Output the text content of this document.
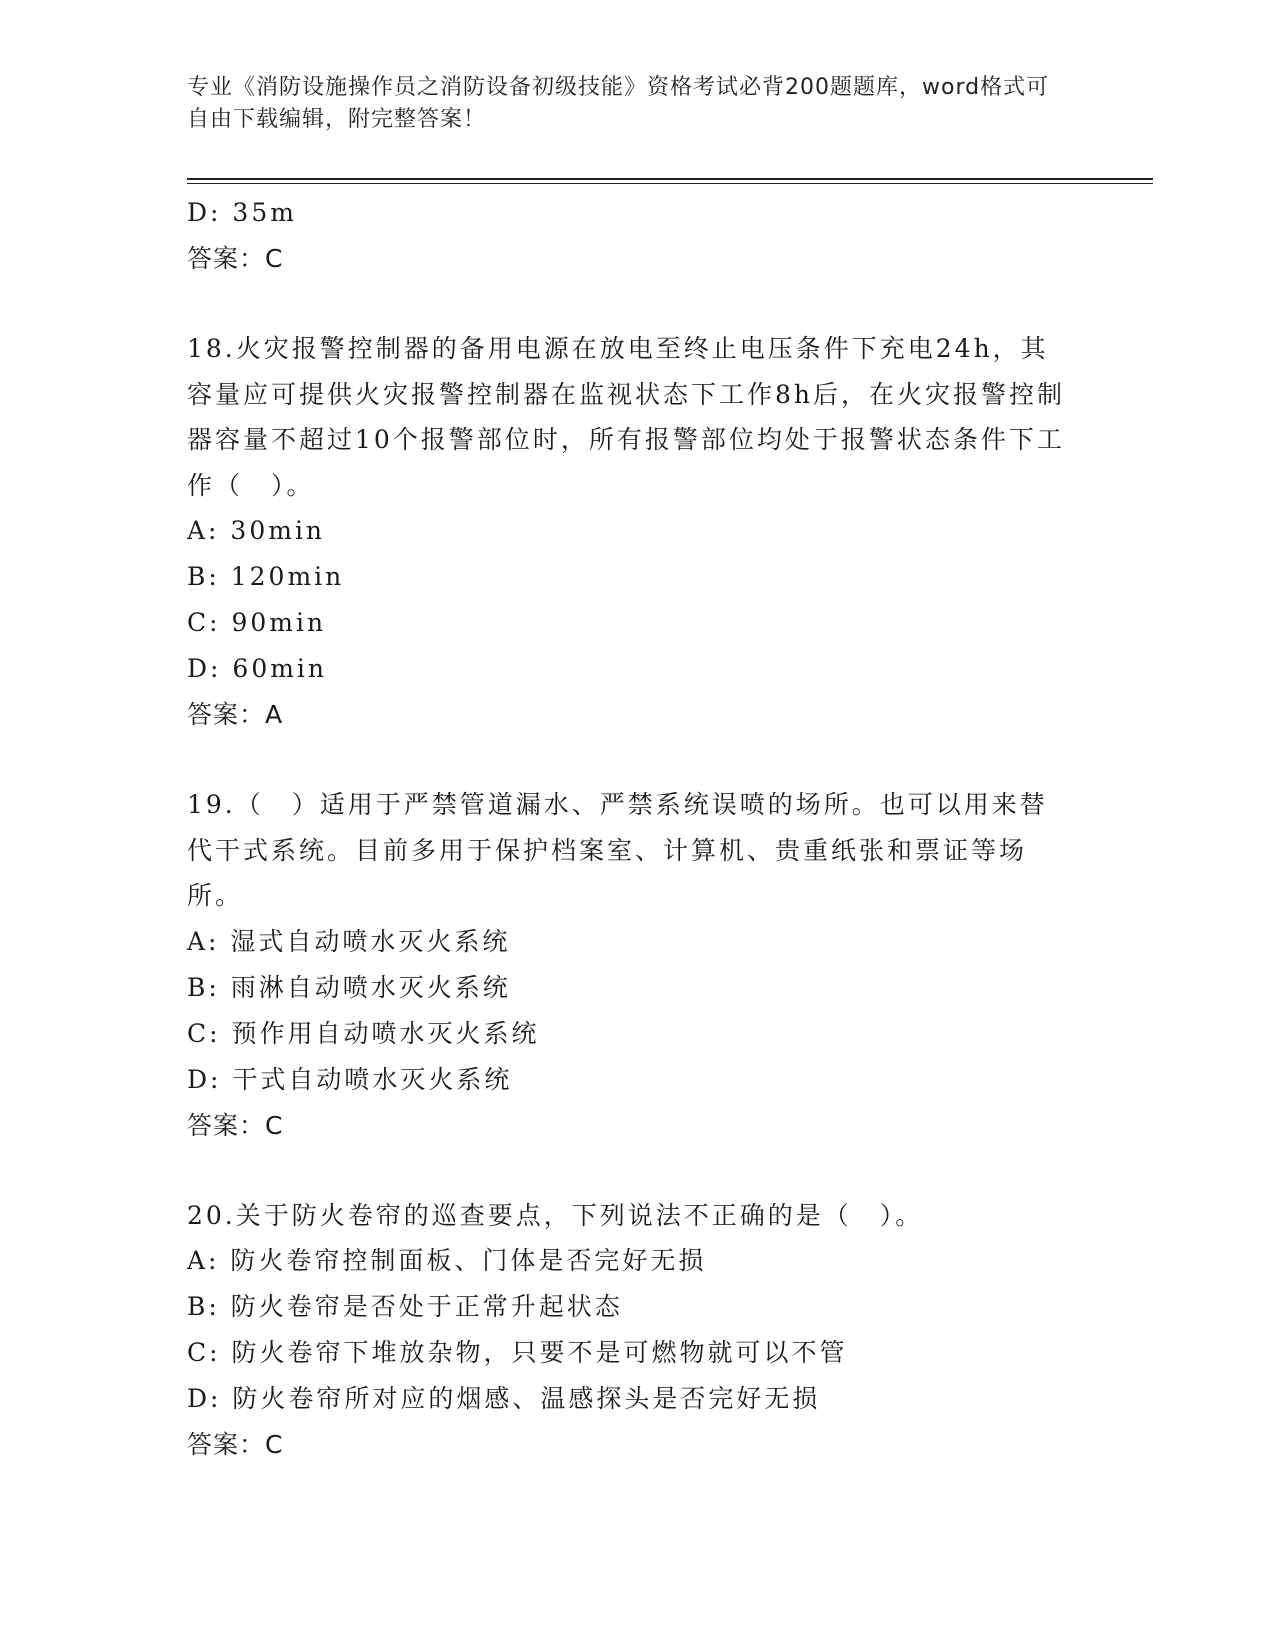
专业《消防设施操作员之消防设备初级技能》资格考试必背200题题库，word格式可自由下载编辑，附完整答案！
D: 35m
答案：C
18.火灾报警控制器的备用电源在放电至终止电压条件下充电24h，其容量应可提供火灾报警控制器在监视状态下工作8h后，在火灾报警控制器容量不超过10个报警部位时，所有报警部位均处于报警状态条件下工作（　）。
A: 30min
B: 120min
C: 90min
D: 60min
答案：A
19.（　）适用于严禁管道漏水、严禁系统误喷的场所。也可以用来替代干式系统。目前多用于保护档案室、计算机、贵重纸张和票证等场所。
A: 湿式自动喷水灭火系统
B: 雨淋自动喷水灭火系统
C: 预作用自动喷水灭火系统
D: 干式自动喷水灭火系统
答案：C
20.关于防火卷帘的巡查要点，下列说法不正确的是（　）。
A: 防火卷帘控制面板、门体是否完好无损
B: 防火卷帘是否处于正常升起状态
C: 防火卷帘下堆放杂物，只要不是可燃物就可以不管
D: 防火卷帘所对应的烟感、温感探头是否完好无损
答案：C
